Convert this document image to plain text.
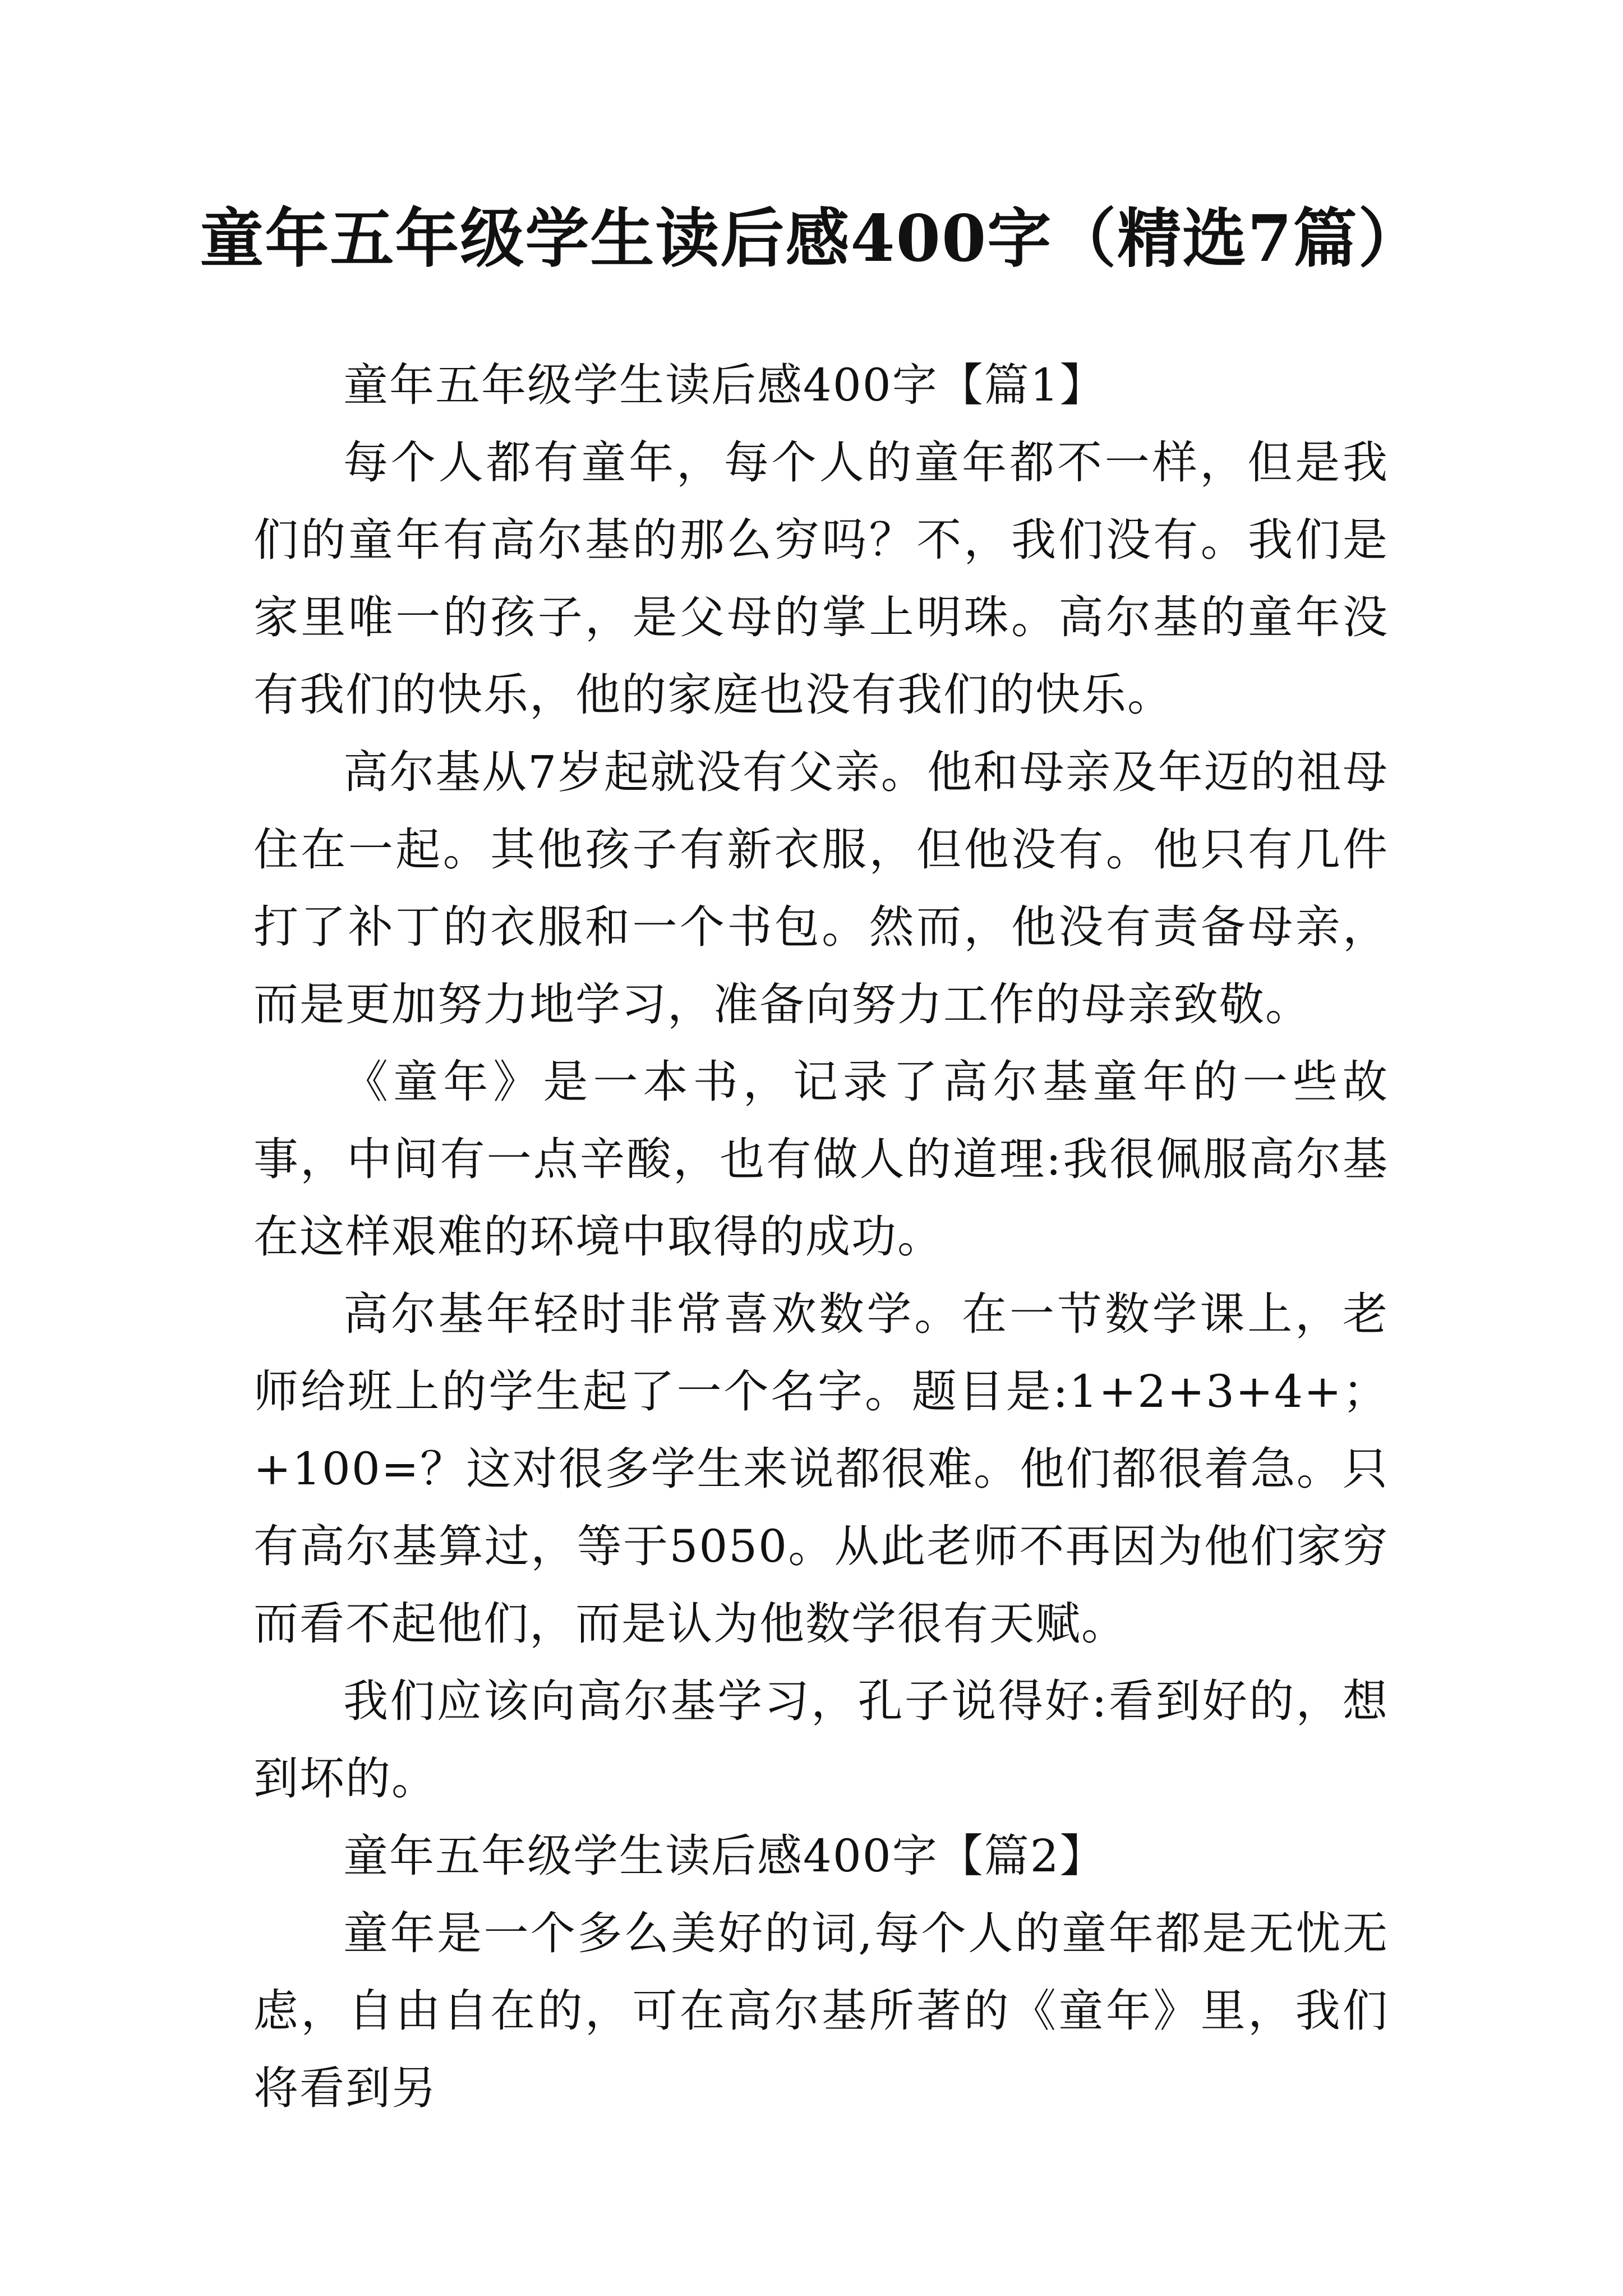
童年五年级学生读后感400字（精选7篇）

童年五年级学生读后感400字【篇1】

每个人都有童年，每个人的童年都不一样，但是我们的童年有高尔基的那么穷吗？不，我们没有。我们是家里唯一的孩子，是父母的掌上明珠。高尔基的童年没有我们的快乐，他的家庭也没有我们的快乐。

高尔基从7岁起就没有父亲。他和母亲及年迈的祖母住在一起。其他孩子有新衣服，但他没有。他只有几件打了补丁的衣服和一个书包。然而，他没有责备母亲，而是更加努力地学习，准备向努力工作的母亲致敬。

《童年》是一本书，记录了高尔基童年的一些故事，中间有一点辛酸，也有做人的道理:我很佩服高尔基在这样艰难的环境中取得的成功。

高尔基年轻时非常喜欢数学。在一节数学课上，老师给班上的学生起了一个名字。题目是:1+2+3+4+；+100=？这对很多学生来说都很难。他们都很着急。只有高尔基算过，等于5050。从此老师不再因为他们家穷而看不起他们，而是认为他数学很有天赋。

我们应该向高尔基学习，孔子说得好:看到好的，想到坏的。

童年五年级学生读后感400字【篇2】

童年是一个多么美好的词,每个人的童年都是无忧无虑，自由自在的，可在高尔基所著的《童年》里，我们将看到另
